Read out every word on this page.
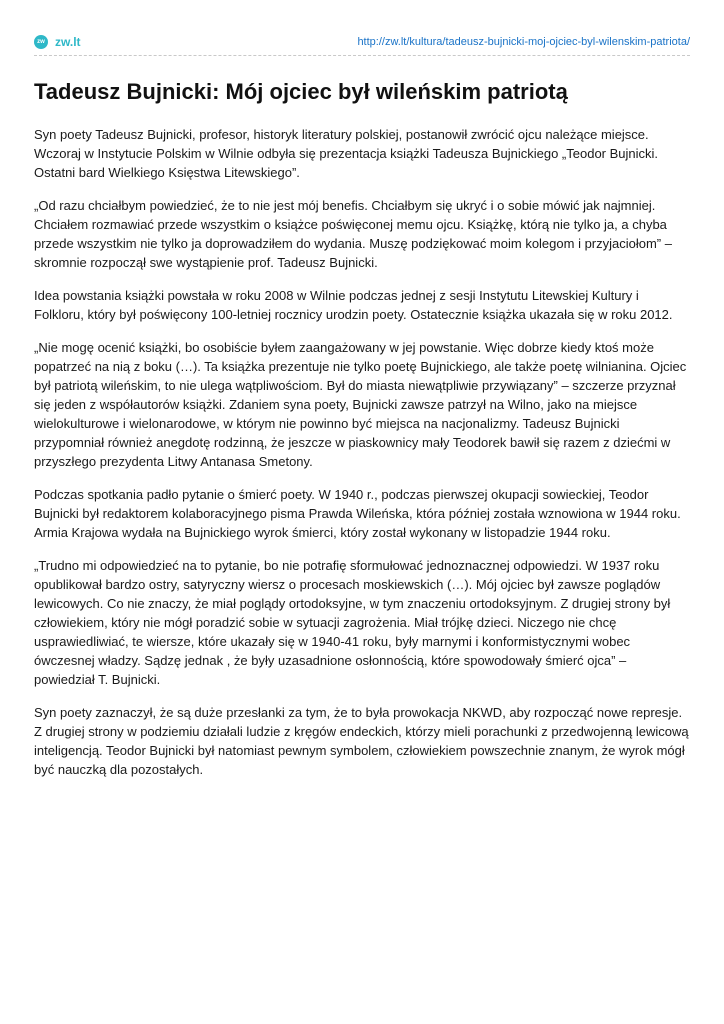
zw zw.lt	http://zw.lt/kultura/tadeusz-bujnicki-moj-ojciec-byl-wilenskim-patriota/
Tadeusz Bujnicki: Mój ojciec był wileńskim patriotą

Syn poety Tadeusz Bujnicki, profesor, historyk literatury polskiej, postanowił zwrócić ojcu należące miejsce. Wczoraj w Instytucie Polskim w Wilnie odbyła się prezentacja książki Tadeusza Bujnickiego „Teodor Bujnicki. Ostatni bard Wielkiego Księstwa Litewskiego”.

„Od razu chciałbym powiedzieć, że to nie jest mój benefis. Chciałbym się ukryć i o sobie mówić jak najmniej. Chciałem rozmawiać przede wszystkim o książce poświęconej memu ojcu. Książkę, którą nie tylko ja, a chyba przede wszystkim nie tylko ja doprowadziłem do wydania. Muszę podziękować moim kolegom i przyjaciołom” – skromnie rozpoczął swe wystąpienie prof. Tadeusz Bujnicki.

Idea powstania książki powstała w roku 2008 w Wilnie podczas jednej z sesji Instytutu Litewskiej Kultury i Folkloru, który był poświęcony 100-letniej rocznicy urodzin poety. Ostatecznie książka ukazała się w roku 2012.

„Nie mogę ocenić książki, bo osobiście byłem zaangażowany w jej powstanie. Więc dobrze kiedy ktoś może popatrzeć na nią z boku (…). Ta książka prezentuje nie tylko poetę Bujnickiego, ale także poetę wilnianina. Ojciec był patriotą wileńskim, to nie ulega wątpliwościom. Był do miasta niewątpliwie przywiązany” – szczerze przyznał się jeden z współautorów książki. Zdaniem syna poety, Bujnicki zawsze patrzył na Wilno, jako na miejsce wielokulturowe i wielonarodowe, w którym nie powinno być miejsca na nacjonalizmy. Tadeusz Bujnicki przypomniał również anegdotę rodzinną, że jeszcze w piaskownicy mały Teodorek bawił się razem z dziećmi w przyszłego prezydenta Litwy Antanasa Smetony.

Podczas spotkania padło pytanie o śmierć poety. W 1940 r., podczas pierwszej okupacji sowieckiej, Teodor Bujnicki był redaktorem kolaboracyjnego pisma Prawda Wileńska, która później została wznowiona w 1944 roku. Armia Krajowa wydała na Bujnickiego wyrok śmierci, który został wykonany w listopadzie 1944 roku.

„Trudno mi odpowiedzieć na to pytanie, bo nie potrafię sformułować jednoznacznej odpowiedzi. W 1937 roku opublikował bardzo ostry, satyryczny wiersz o procesach moskiewskich (…). Mój ojciec był zawsze poglądów lewicowych. Co nie znaczy, że miał poglądy ortodoksyjne, w tym znaczeniu ortodoksyjnym. Z drugiej strony był człowiekiem, który nie mógł poradzić sobie w sytuacji zagrożenia. Miał trójkę dzieci. Niczego nie chcę usprawiedliwiać, te wiersze, które ukazały się w 1940-41 roku, były marnymi i konformistycznymi wobec ówczesnej władzy. Sądzę jednak , że były uzasadnione osłonnością, które spowodowały śmierć ojca” – powiedział T. Bujnicki.

Syn poety zaznaczył, że są duże przesłanki za tym, że to była prowokacja NKWD, aby rozpocząć nowe represje. Z drugiej strony w podziemiu działali ludzie z kręgów endeckich, którzy mieli porachunki z przedwojenną lewicową inteligencją. Teodor Bujnicki był natomiast pewnym symbolem, człowiekiem powszechnie znanym, że wyrok mógł być nauczką dla pozostałych.
